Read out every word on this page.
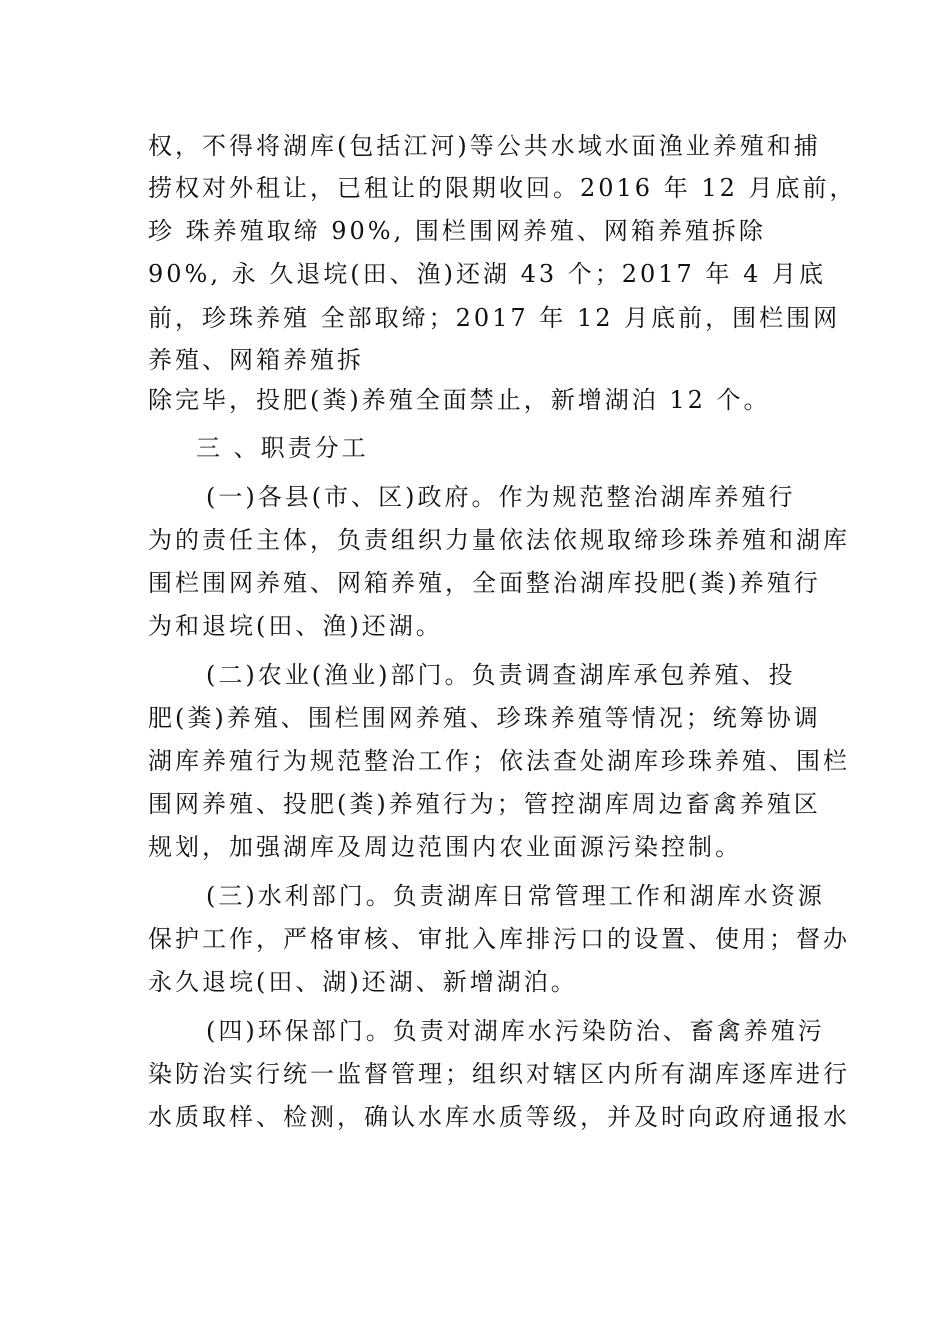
权，不得将湖库(包括江河)等公共水域水面渔业养殖和捕
捞权对外租让，已租让的限期收回。2016 年 12 月底前，
珍 珠养殖取缔 90%, 围栏围网养殖、网箱养殖拆除
90%, 永 久退垸(田、渔)还湖 43 个；2017 年 4 月底
前，珍珠养殖 全部取缔；2017 年 12 月底前，围栏围网
养殖、网箱养殖拆
除完毕，投肥(粪)养殖全面禁止，新增湖泊 12 个。
三 、职责分工
(一)各县(市、区)政府。作为规范整治湖库养殖行
为的责任主体，负责组织力量依法依规取缔珍珠养殖和湖库
围栏围网养殖、网箱养殖，全面整治湖库投肥(粪)养殖行
为和退垸(田、渔)还湖。
(二)农业(渔业)部门。负责调查湖库承包养殖、投
肥(粪)养殖、围栏围网养殖、珍珠养殖等情况；统筹协调
湖库养殖行为规范整治工作；依法查处湖库珍珠养殖、围栏
围网养殖、投肥(粪)养殖行为；管控湖库周边畜禽养殖区
规划，加强湖库及周边范围内农业面源污染控制。
(三)水利部门。负责湖库日常管理工作和湖库水资源
保护工作，严格审核、审批入库排污口的设置、使用；督办
永久退垸(田、湖)还湖、新增湖泊。
(四)环保部门。负责对湖库水污染防治、畜禽养殖污
染防治实行统一监督管理；组织对辖区内所有湖库逐库进行
水质取样、检测，确认水库水质等级，并及时向政府通报水
